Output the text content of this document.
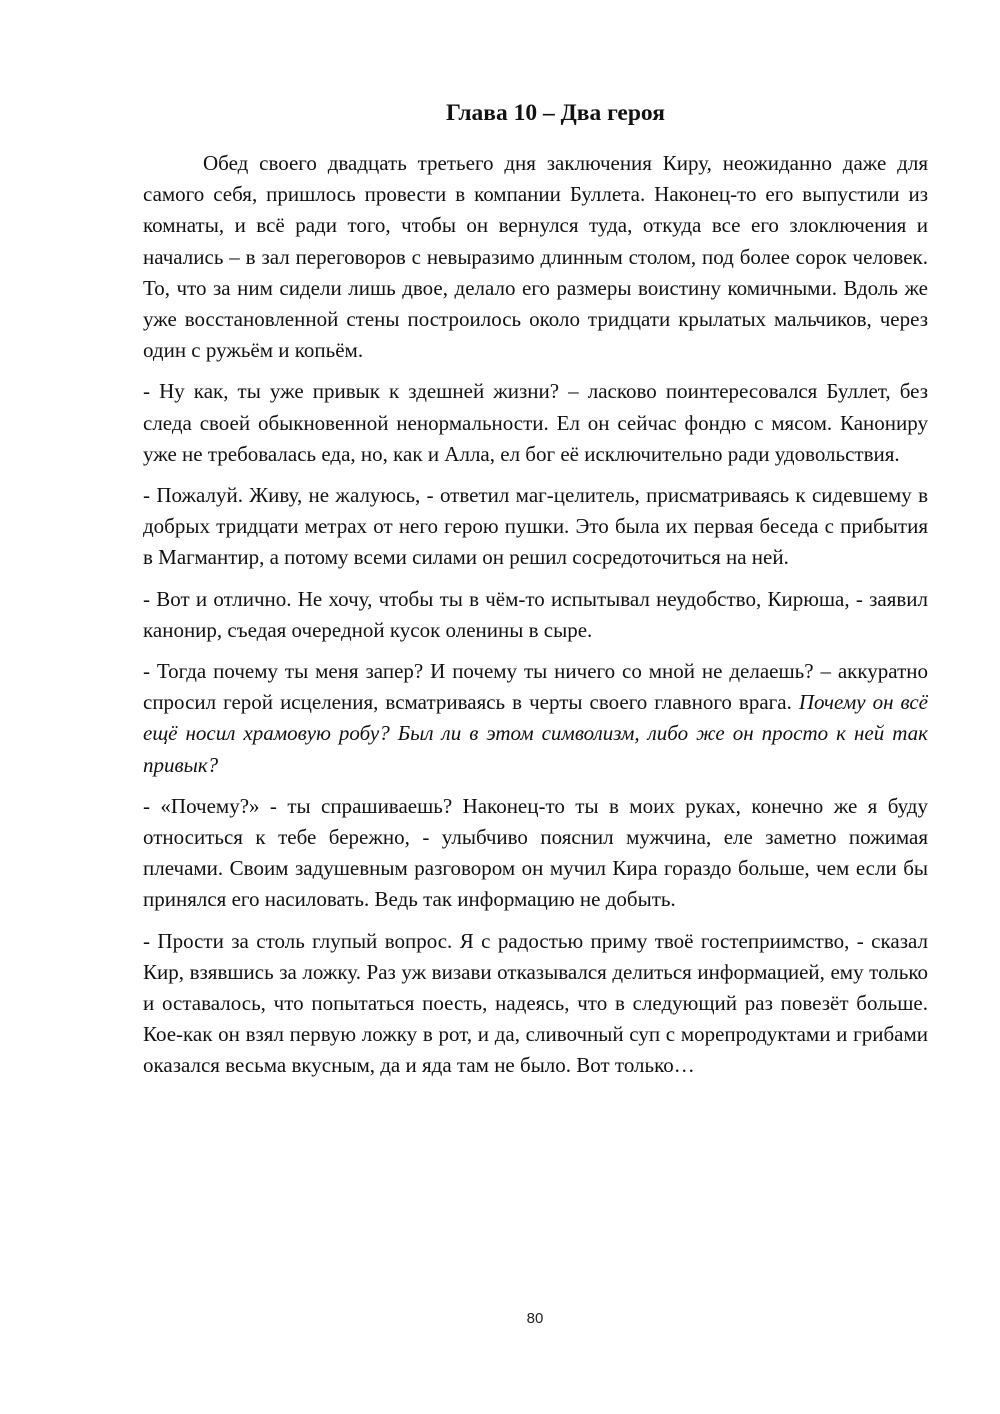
Глава 10 – Два героя

Обед своего двадцать третьего дня заключения Киру, неожиданно даже для самого себя, пришлось провести в компании Буллета. Наконец-то его выпустили из комнаты, и всё ради того, чтобы он вернулся туда, откуда все его злоключения и начались – в зал переговоров с невыразимо длинным столом, под более сорок человек. То, что за ним сидели лишь двое, делало его размеры воистину комичными. Вдоль же уже восстановленной стены построилось около тридцати крылатых мальчиков, через один с ружьём и копьём.

- Ну как, ты уже привык к здешней жизни? – ласково поинтересовался Буллет, без следа своей обыкновенной ненормальности. Ел он сейчас фондю с мясом. Канониру уже не требовалась еда, но, как и Алла, ел бог её исключительно ради удовольствия.

- Пожалуй. Живу, не жалуюсь, - ответил маг-целитель, присматриваясь к сидевшему в добрых тридцати метрах от него герою пушки. Это была их первая беседа с прибытия в Магмантир, а потому всеми силами он решил сосредоточиться на ней.

- Вот и отлично. Не хочу, чтобы ты в чём-то испытывал неудобство, Кирюша, - заявил канонир, съедая очередной кусок оленины в сыре.

- Тогда почему ты меня запер? И почему ты ничего со мной не делаешь? – аккуратно спросил герой исцеления, всматриваясь в черты своего главного врага. Почему он всё ещё носил храмовую робу? Был ли в этом символизм, либо же он просто к ней так привык?

- «Почему?» - ты спрашиваешь? Наконец-то ты в моих руках, конечно же я буду относиться к тебе бережно, - улыбчиво пояснил мужчина, еле заметно пожимая плечами. Своим задушевным разговором он мучил Кира гораздо больше, чем если бы принялся его насиловать. Ведь так информацию не добыть.

- Прости за столь глупый вопрос. Я с радостью приму твоё гостеприимство, - сказал Кир, взявшись за ложку. Раз уж визави отказывался делиться информацией, ему только и оставалось, что попытаться поесть, надеясь, что в следующий раз повезёт больше. Кое-как он взял первую ложку в рот, и да, сливочный суп с морепродуктами и грибами оказался весьма вкусным, да и яда там не было. Вот только…

80
